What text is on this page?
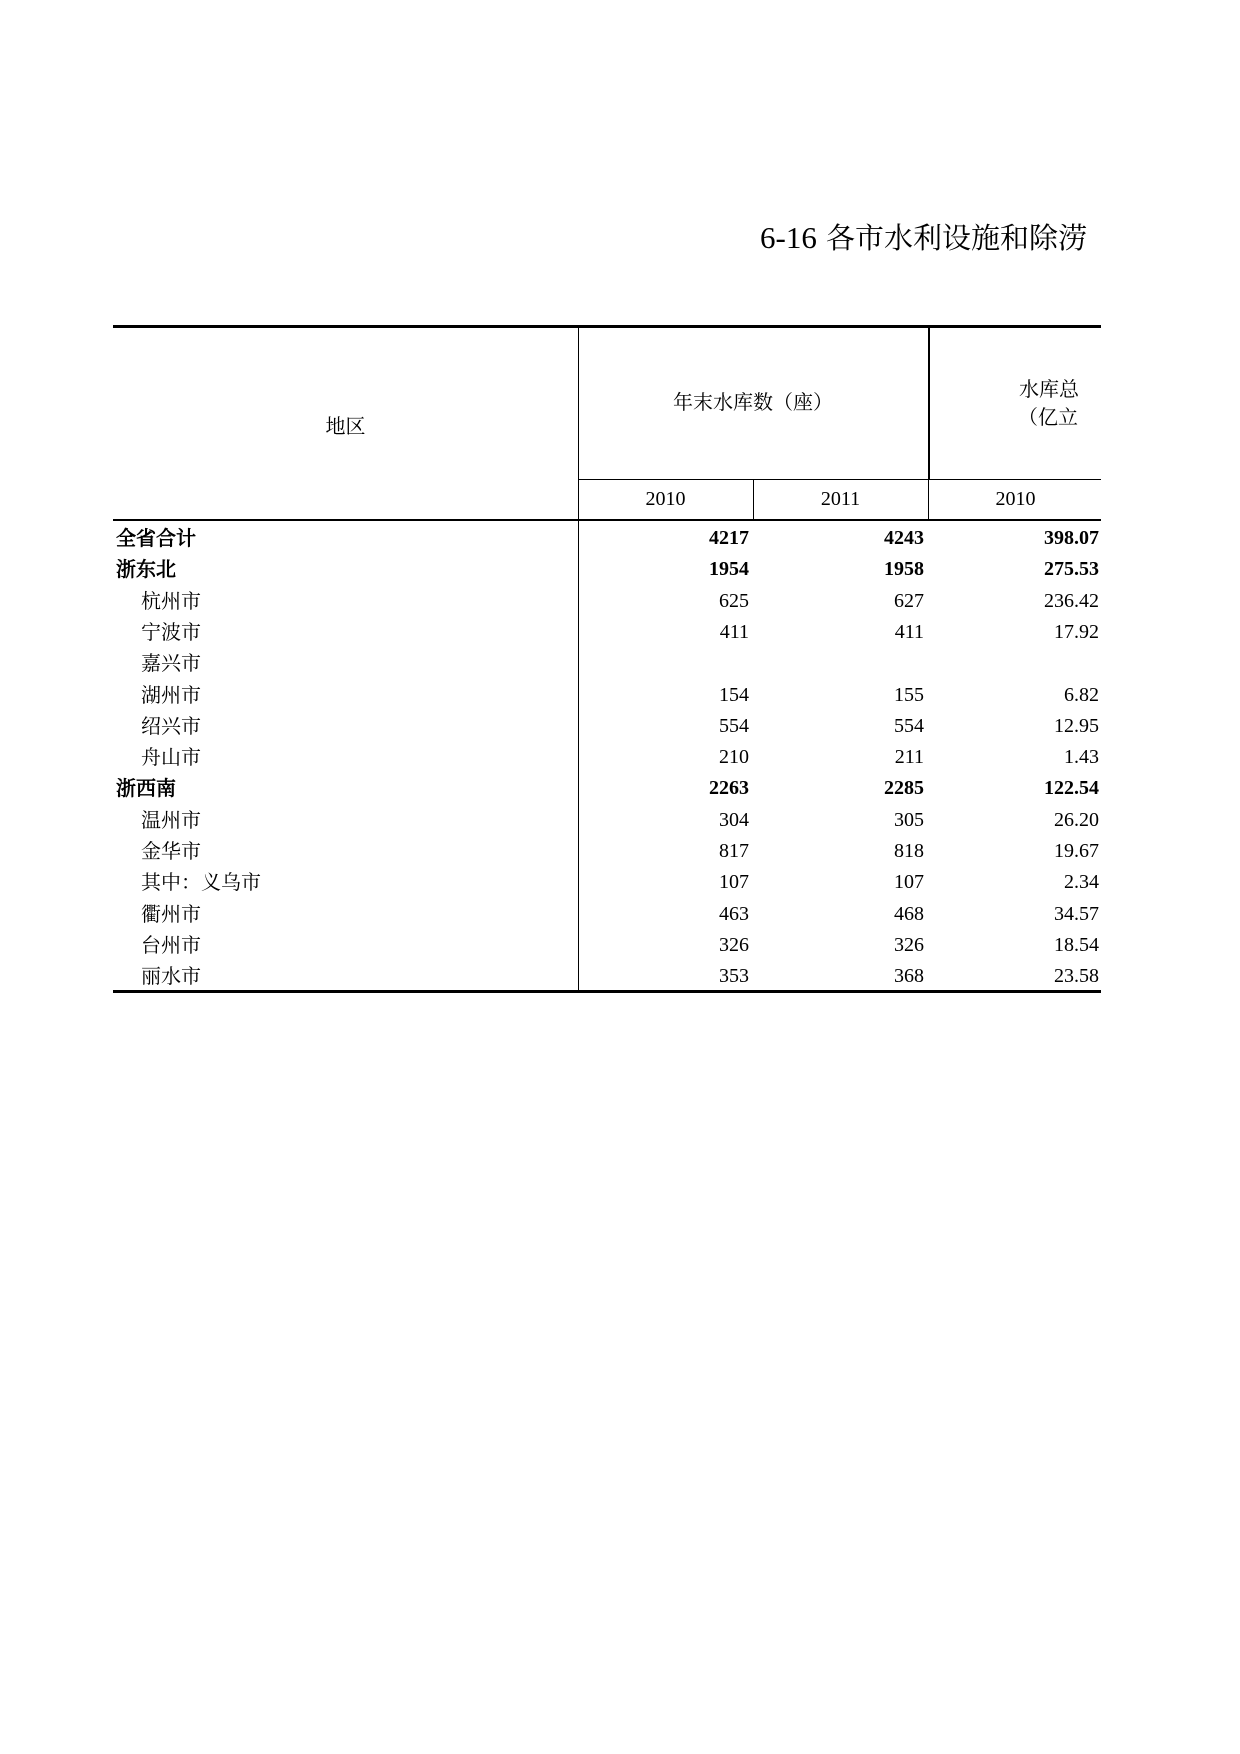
6-16 各市水利设施和除涝
地区
年末水库数（座）
水库总
（亿立
2010	2011	2010
全省合计	4217	4243	398.07
浙东北	1954	1958	275.53
杭州市	625	627	236.42
宁波市	411	411	17.92
嘉兴市
湖州市	154	155	6.82
绍兴市	554	554	12.95
舟山市	210	211	1.43
浙西南	2263	2285	122.54
温州市	304	305	26.20
金华市	817	818	19.67
其中：义乌市	107	107	2.34
衢州市	463	468	34.57
台州市	326	326	18.54
丽水市	353	368	23.58
